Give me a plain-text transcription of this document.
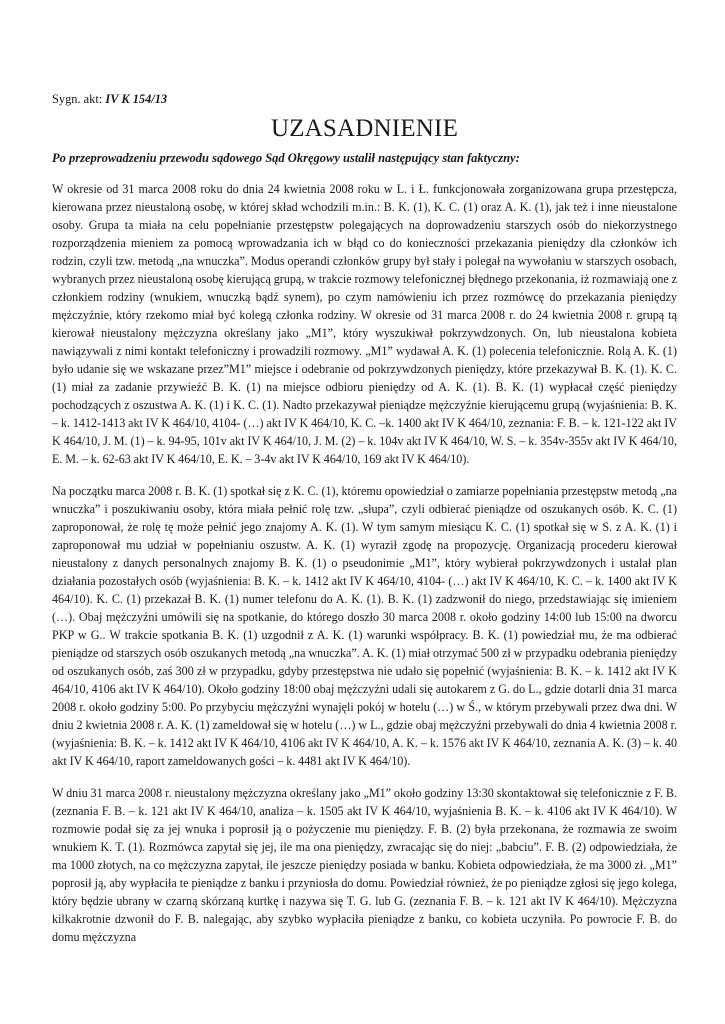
Sygn. akt: IV K 154/13
UZASADNIENIE
Po przeprowadzeniu przewodu sądowego Sąd Okręgowy ustalił następujący stan faktyczny:

W okresie od 31 marca 2008 roku do dnia 24 kwietnia 2008 roku w L. i Ł. funkcjonowała zorganizowana grupa przestępcza, kierowana przez nieustaloną osobę, w której skład wchodzili m.in.: B. K. (1), K. C. (1) oraz A. K. (1), jak też i inne nieustalone osoby. Grupa ta miała na celu popełnianie przestępstw polegających na doprowadzeniu starszych osób do niekorzystnego rozporządzenia mieniem za pomocą wprowadzania ich w błąd co do konieczności przekazania pieniędzy dla członków ich rodzin, czyli tzw. metodą „na wnuczka”. Modus operandi członków grupy był stały i polegał na wywołaniu w starszych osobach, wybranych przez nieustaloną osobę kierującą grupą, w trakcie rozmowy telefonicznej błędnego przekonania, iż rozmawiają one z członkiem rodziny (wnukiem, wnuczką bądź synem), po czym namówieniu ich przez rozmówcę do przekazania pieniędzy mężczyźnie, który rzekomo miał być kolegą członka rodziny. W okresie od 31 marca 2008 r. do 24 kwietnia 2008 r. grupą tą kierował nieustalony mężczyzna określany jako „M1”, który wyszukiwał pokrzywdzonych. On, lub nieustalona kobieta nawiązywali z nimi kontakt telefoniczny i prowadzili rozmowy. „M1” wydawał A. K. (1) polecenia telefonicznie. Rolą A. K. (1) było udanie się we wskazane przez”M1” miejsce i odebranie od pokrzywdzonych pieniędzy, które przekazywał B. K. (1). K. C. (1) miał za zadanie przywieźć B. K. (1) na miejsce odbioru pieniędzy od A. K. (1). B. K. (1) wypłacał część pieniędzy pochodzących z oszustwa A. K. (1) i K. C. (1). Nadto przekazywał pieniądze mężczyźnie kierującemu grupą (wyjaśnienia: B. K. – k. 1412-1413 akt IV K 464/10, 4104- (…) akt IV K 464/10, K. C. –k. 1400 akt IV K 464/10, zeznania: F. B. – k. 121-122 akt IV K 464/10, J. M. (1) – k. 94-95, 101v akt IV K 464/10, J. M. (2) – k. 104v akt IV K 464/10, W. S. – k. 354v-355v akt IV K 464/10, E. M. – k. 62-63 akt IV K 464/10, E. K. – 3-4v akt IV K 464/10, 169 akt IV K 464/10).

Na początku marca 2008 r. B. K. (1) spotkał się z K. C. (1), któremu opowiedział o zamiarze popełniania przestępstw metodą „na wnuczka” i poszukiwaniu osoby, która miała pełnić rolę tzw. „słupa”, czyli odbierać pieniądze od oszukanych osób. K. C. (1) zaproponował, że rolę tę może pełnić jego znajomy A. K. (1). W tym samym miesiącu K. C. (1) spotkał się w S. z A. K. (1) i zaproponował mu udział w popełnianiu oszustw. A. K. (1) wyraził zgodę na propozycję. Organizacją procederu kierował nieustalony z danych personalnych znajomy B. K. (1) o pseudonimie „M1”, który wybierał pokrzywdzonych i ustalał plan działania pozostałych osób (wyjaśnienia: B. K. – k. 1412 akt IV K 464/10, 4104- (…) akt IV K 464/10, K. C. – k. 1400 akt IV K 464/10). K. C. (1) przekazał B. K. (1) numer telefonu do A. K. (1). B. K. (1) zadzwonił do niego, przedstawiając się imieniem (…). Obaj mężczyźni umówili się na spotkanie, do którego doszło 30 marca 2008 r. około godziny 14:00 lub 15:00 na dworcu PKP w G.. W trakcie spotkania B. K. (1) uzgodnił z A. K. (1) warunki współpracy. B. K. (1) powiedział mu, że ma odbierać pieniądze od starszych osób oszukanych metodą „na wnuczka”. A. K. (1) miał otrzymać 500 zł w przypadku odebrania pieniędzy od oszukanych osób, zaś 300 zł w przypadku, gdyby przestępstwa nie udało się popełnić (wyjaśnienia: B. K. – k. 1412 akt IV K 464/10, 4106 akt IV K 464/10). Około godziny 18:00 obaj mężczyźni udali się autokarem z G. do L., gdzie dotarli dnia 31 marca 2008 r. około godziny 5:00. Po przybyciu mężczyźni wynajęli pokój w hotelu (…) w Ś., w którym przebywali przez dwa dni. W dniu 2 kwietnia 2008 r. A. K. (1) zameldował się w hotelu (…) w L., gdzie obaj mężczyźni przebywali do dnia 4 kwietnia 2008 r. (wyjaśnienia: B. K. – k. 1412 akt IV K 464/10, 4106 akt IV K 464/10, A. K. – k. 1576 akt IV K 464/10, zeznania A. K. (3) – k. 40 akt IV K 464/10, raport zameldowanych gości – k. 4481 akt IV K 464/10).

W dniu 31 marca 2008 r. nieustalony mężczyzna określany jako „M1” około godziny 13:30 skontaktował się telefonicznie z F. B. (zeznania F. B. – k. 121 akt IV K 464/10, analiza – k. 1505 akt IV K 464/10, wyjaśnienia B. K. – k. 4106 akt IV K 464/10). W rozmowie podał się za jej wnuka i poprosił ją o pożyczenie mu pieniędzy. F. B. (2) była przekonana, że rozmawia ze swoim wnukiem K. T. (1). Rozmówca zapytał się jej, ile ma ona pieniędzy, zwracając się do niej: „babciu”. F. B. (2) odpowiedziała, że ma 1000 złotych, na co mężczyzna zapytał, ile jeszcze pieniędzy posiada w banku. Kobieta odpowiedziała, że ma 3000 zł. „M1” poprosił ją, aby wypłaciła te pieniądze z banku i przyniosła do domu. Powiedział również, że po pieniądze zgłosi się jego kolega, który będzie ubrany w czarną skórzaną kurtkę i nazywa się T. G. lub G. (zeznania F. B. – k. 121 akt IV K 464/10). Mężczyzna kilkakrotnie dzwonił do F. B. nalegając, aby szybko wypłaciła pieniądze z banku, co kobieta uczyniła. Po powrocie F. B. do domu mężczyzna
